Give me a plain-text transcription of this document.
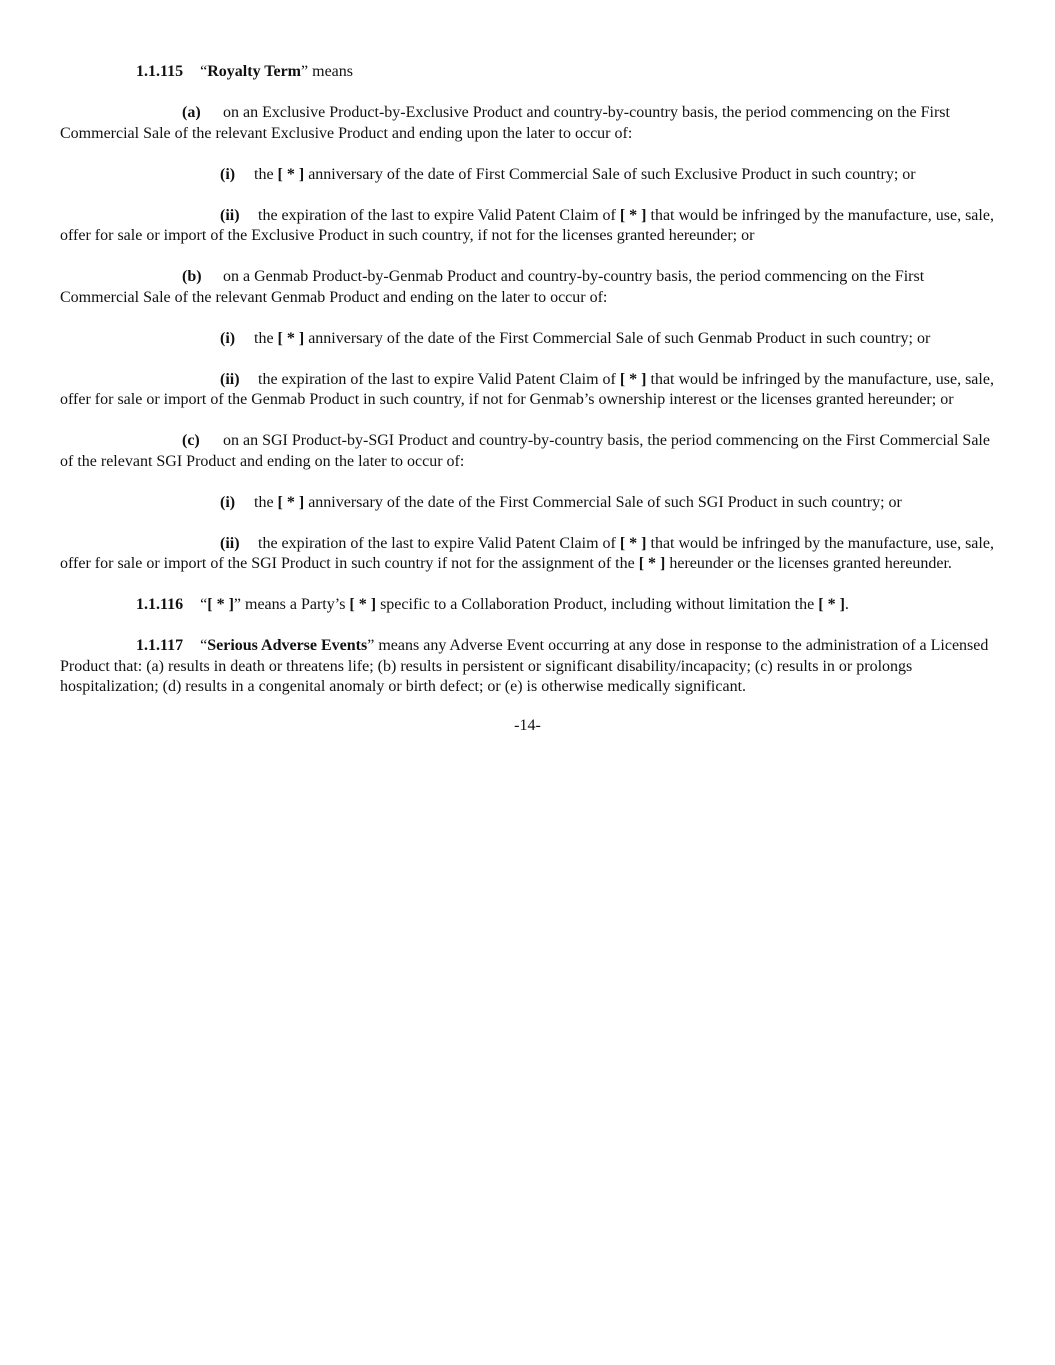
1.1.115 “Royalty Term” means

(a) on an Exclusive Product-by-Exclusive Product and country-by-country basis, the period commencing on the First Commercial Sale of the relevant Exclusive Product and ending upon the later to occur of:

(i) the [ * ] anniversary of the date of First Commercial Sale of such Exclusive Product in such country; or

(ii) the expiration of the last to expire Valid Patent Claim of [ * ] that would be infringed by the manufacture, use, sale, offer for sale or import of the Exclusive Product in such country, if not for the licenses granted hereunder; or

(b) on a Genmab Product-by-Genmab Product and country-by-country basis, the period commencing on the First Commercial Sale of the relevant Genmab Product and ending on the later to occur of:

(i) the [ * ] anniversary of the date of the First Commercial Sale of such Genmab Product in such country; or

(ii) the expiration of the last to expire Valid Patent Claim of [ * ] that would be infringed by the manufacture, use, sale, offer for sale or import of the Genmab Product in such country, if not for Genmab’s ownership interest or the licenses granted hereunder; or

(c) on an SGI Product-by-SGI Product and country-by-country basis, the period commencing on the First Commercial Sale of the relevant SGI Product and ending on the later to occur of:

(i) the [ * ] anniversary of the date of the First Commercial Sale of such SGI Product in such country; or

(ii) the expiration of the last to expire Valid Patent Claim of [ * ] that would be infringed by the manufacture, use, sale, offer for sale or import of the SGI Product in such country if not for the assignment of the [ * ] hereunder or the licenses granted hereunder.

1.1.116 “[ * ]” means a Party’s [ * ] specific to a Collaboration Product, including without limitation the [ * ].

1.1.117 “Serious Adverse Events” means any Adverse Event occurring at any dose in response to the administration of a Licensed Product that: (a) results in death or threatens life; (b) results in persistent or significant disability/incapacity; (c) results in or prolongs hospitalization; (d) results in a congenital anomaly or birth defect; or (e) is otherwise medically significant.

-14-
